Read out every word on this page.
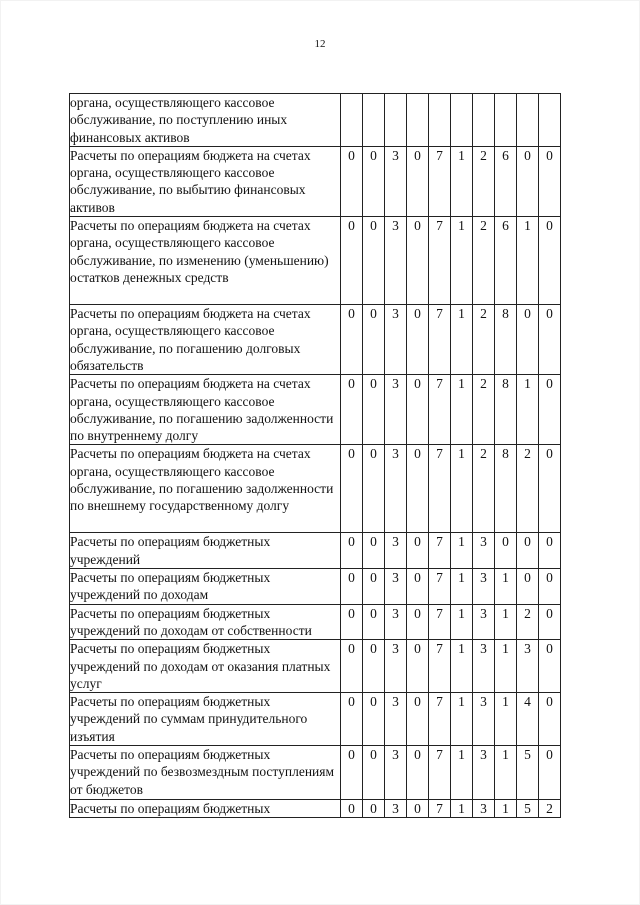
12
органа, осуществляющего кассовое обслуживание, по поступлению иных финансовых активов										
Расчеты по операциям бюджета на счетах органа, осуществляющего кассовое обслуживание, по выбытию финансовых активов	0	0	3	0	7	1	2	6	0	0
Расчеты по операциям бюджета на счетах органа, осуществляющего кассовое обслуживание, по изменению (уменьшению) остатков денежных средств	0	0	3	0	7	1	2	6	1	0
Расчеты по операциям бюджета на счетах органа, осуществляющего кассовое обслуживание, по погашению долговых обязательств	0	0	3	0	7	1	2	8	0	0
Расчеты по операциям бюджета на счетах органа, осуществляющего кассовое обслуживание, по погашению задолженности по внутреннему долгу	0	0	3	0	7	1	2	8	1	0
Расчеты по операциям бюджета на счетах органа, осуществляющего кассовое обслуживание, по погашению задолженности по внешнему государственному долгу	0	0	3	0	7	1	2	8	2	0
Расчеты по операциям бюджетных учреждений	0	0	3	0	7	1	3	0	0	0
Расчеты по операциям бюджетных учреждений по доходам	0	0	3	0	7	1	3	1	0	0
Расчеты по операциям бюджетных учреждений по доходам от собственности	0	0	3	0	7	1	3	1	2	0
Расчеты по операциям бюджетных учреждений по доходам от оказания платных услуг	0	0	3	0	7	1	3	1	3	0
Расчеты по операциям бюджетных учреждений по суммам принудительного изъятия	0	0	3	0	7	1	3	1	4	0
Расчеты по операциям бюджетных учреждений по безвозмездным поступлениям от бюджетов	0	0	3	0	7	1	3	1	5	0
Расчеты по операциям бюджетных	0	0	3	0	7	1	3	1	5	2
